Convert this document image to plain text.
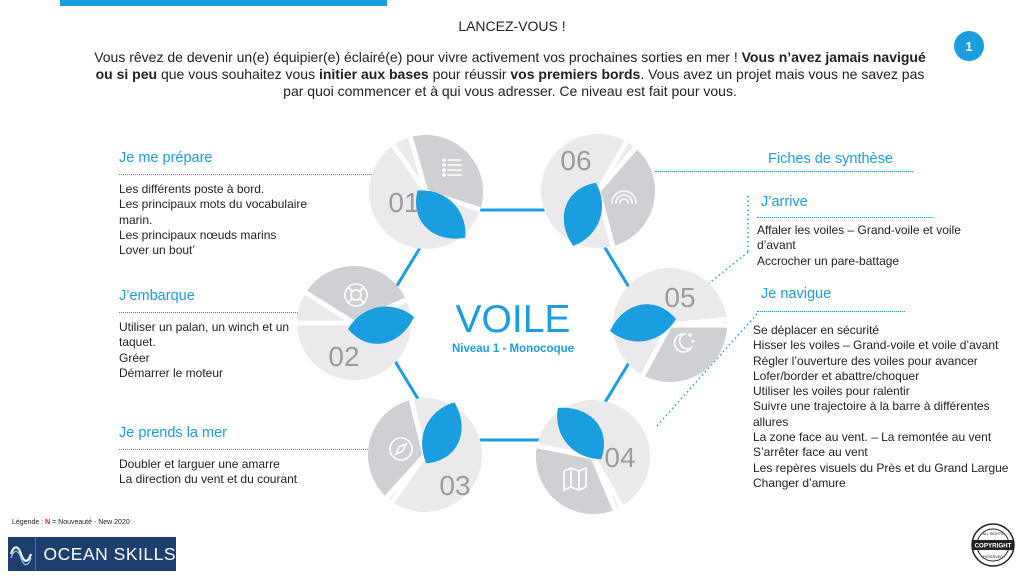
LANCEZ-VOUS !
1
Vous rêvez de devenir un(e) équipier(e) éclairé(e) pour vivre activement vos prochaines sorties en mer ! Vous n’avez jamais navigué ou si peu que vous souhaitez vous initier aux bases pour réussir vos premiers bords. Vous avez un projet mais vous ne savez pas par quoi commencer et à qui vous adresser. Ce niveau est fait pour vous.
Je me prépare
Les différents poste à bord.
Les principaux mots du vocabulaire marin.
Les principaux nœuds marins
Lover un bout’
J’embarque
Utiliser un palan, un winch et un taquet.
Gréer
Démarrer le moteur
Je prends la mer
Doubler et larguer une amarre
La direction du vent et du courant
Fiches de synthèse
J’arrive
Affaler les voiles – Grand-voile et voile d’avant
Accrocher un pare-battage
Je navigue
Se déplacer en sécurité
Hisser les voiles – Grand-voile et voile d’avant
Régler l’ouverture des voiles pour avancer
Lofer/border et abattre/choquer
Utiliser les voiles pour ralentir
Suivre une trajectoire à la barre à différentes allures
La zone face au vent. – La remontée au vent
S’arrêter face au vent
Les repères visuels du Près et du Grand Largue
Changer d’amure
01
02
03
04
05
06
VOILE
Niveau 1 - Monocoque
Légende : N = Nouveauté - New 2020
OCEAN SKILLS	COPYRIGHT
ALL RIGHTS
RESERVED
